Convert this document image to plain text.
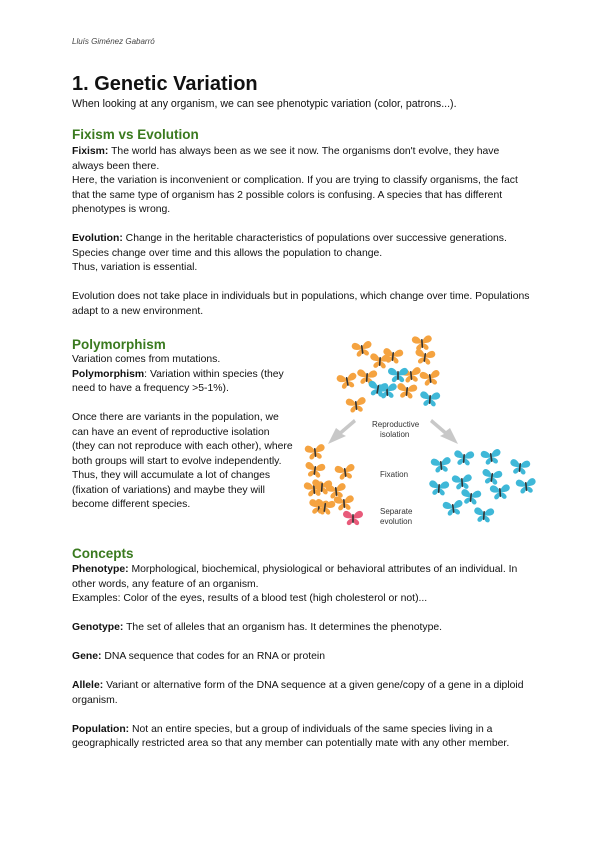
Lluís Giménez Gabarró
1. Genetic Variation
When looking at any organism, we can see phenotypic variation (color, patrons...).
Fixism vs Evolution

Fixism: The world has always been as we see it now. The organisms don't evolve, they have always been there.

Here, the variation is inconvenient or complication. If you are trying to classify organisms, the fact that the same type of organism has 2 possible colors is confusing. A species that has different phenotypes is wrong.

Evolution: Change in the heritable characteristics of populations over successive generations. Species change over time and this allows the population to change.

Thus, variation is essential.

Evolution does not take place in individuals but in populations, which change over time. Populations adapt to a new environment.

Polymorphism

Variation comes from mutations.

Polymorphism: Variation within species (they need to have a frequency >5-1%).

Once there are variants in the population, we can have an event of reproductive isolation (they can not reproduce with each other), where both groups will start to evolve independently.

Thus, they will accumulate a lot of changes (fixation of variations) and maybe they will become different species.

Reproductive
isolation
Fixation
Separate
evolution
Concepts

Phenotype: Morphological, biochemical, physiological or behavioral attributes of an individual. In other words, any feature of an organism.

Examples: Color of the eyes, results of a blood test (high cholesterol or not)...

Genotype: The set of alleles that an organism has. It determines the phenotype.

Gene: DNA sequence that codes for an RNA or protein

Allele: Variant or alternative form of the DNA sequence at a given gene/copy of a gene in a diploid organism.

Population: Not an entire species, but a group of individuals of the same species living in a geographically restricted area so that any member can potentially mate with any other member.
